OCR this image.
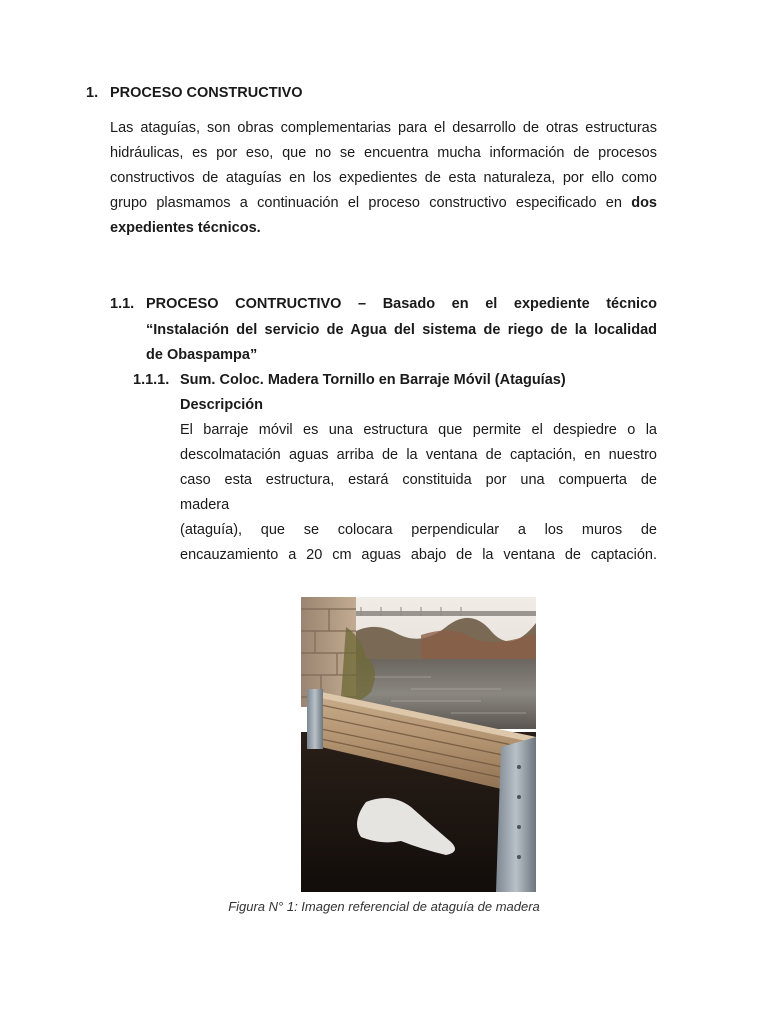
1. PROCESO CONSTRUCTIVO
Las ataguías, son obras complementarias para el desarrollo de otras estructuras hidráulicas, es por eso, que no se encuentra mucha información de procesos constructivos de ataguías en los expedientes de esta naturaleza, por ello como grupo plasmamos a continuación el proceso constructivo especificado en dos expedientes técnicos.
1.1. PROCESO CONTRUCTIVO – Basado en el expediente técnico
“Instalación del servicio de Agua del sistema de riego de la localidad
de Obaspampa”
1.1.1. Sum. Coloc. Madera Tornillo en Barraje Móvil (Ataguías)
Descripción
El barraje móvil es una estructura que permite el despiedre o la
descolmatación aguas arriba de la ventana de captación, en nuestro
caso esta estructura, estará constituida por una compuerta de
madera
(ataguía), que se colocara perpendicular a los muros de
encauzamiento a 20 cm aguas abajo de la ventana de captación.
Figura N° 1: Imagen referencial de ataguía de madera
